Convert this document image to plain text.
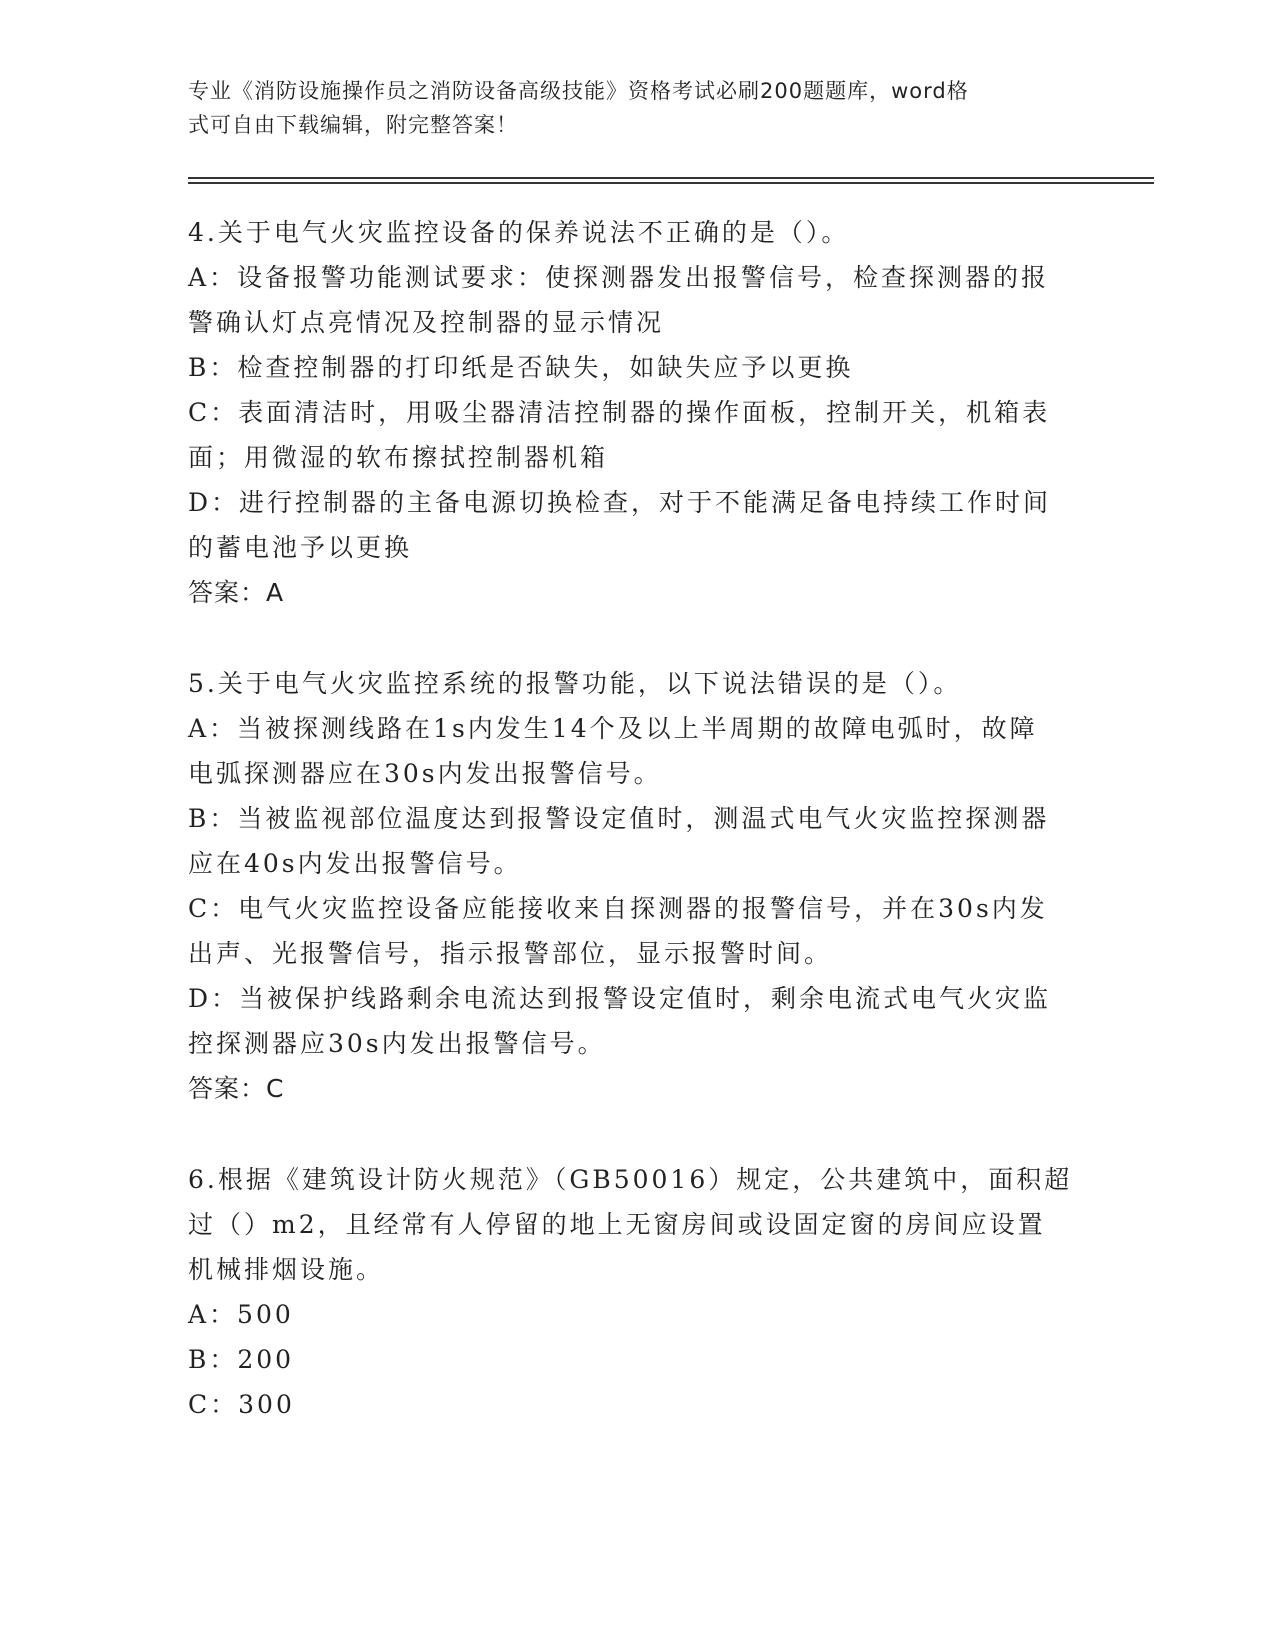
专业《消防设施操作员之消防设备高级技能》资格考试必刷200题题库，word格
式可自由下载编辑，附完整答案！
4.关于电气火灾监控设备的保养说法不正确的是（）。
A：设备报警功能测试要求：使探测器发出报警信号，检查探测器的报
警确认灯点亮情况及控制器的显示情况
B：检查控制器的打印纸是否缺失，如缺失应予以更换
C：表面清洁时，用吸尘器清洁控制器的操作面板，控制开关，机箱表
面；用微湿的软布擦拭控制器机箱
D：进行控制器的主备电源切换检查，对于不能满足备电持续工作时间
的蓄电池予以更换
答案：A
5.关于电气火灾监控系统的报警功能，以下说法错误的是（）。
A：当被探测线路在1s内发生14个及以上半周期的故障电弧时，故障
电弧探测器应在30s内发出报警信号。
B：当被监视部位温度达到报警设定值时，测温式电气火灾监控探测器
应在40s内发出报警信号。
C：电气火灾监控设备应能接收来自探测器的报警信号，并在30s内发
出声、光报警信号，指示报警部位，显示报警时间。
D：当被保护线路剩余电流达到报警设定值时，剩余电流式电气火灾监
控探测器应30s内发出报警信号。
答案：C
6.根据《建筑设计防火规范》（GB50016）规定，公共建筑中，面积超
过（）m2，且经常有人停留的地上无窗房间或设固定窗的房间应设置
机械排烟设施。
A：500
B：200
C：300
